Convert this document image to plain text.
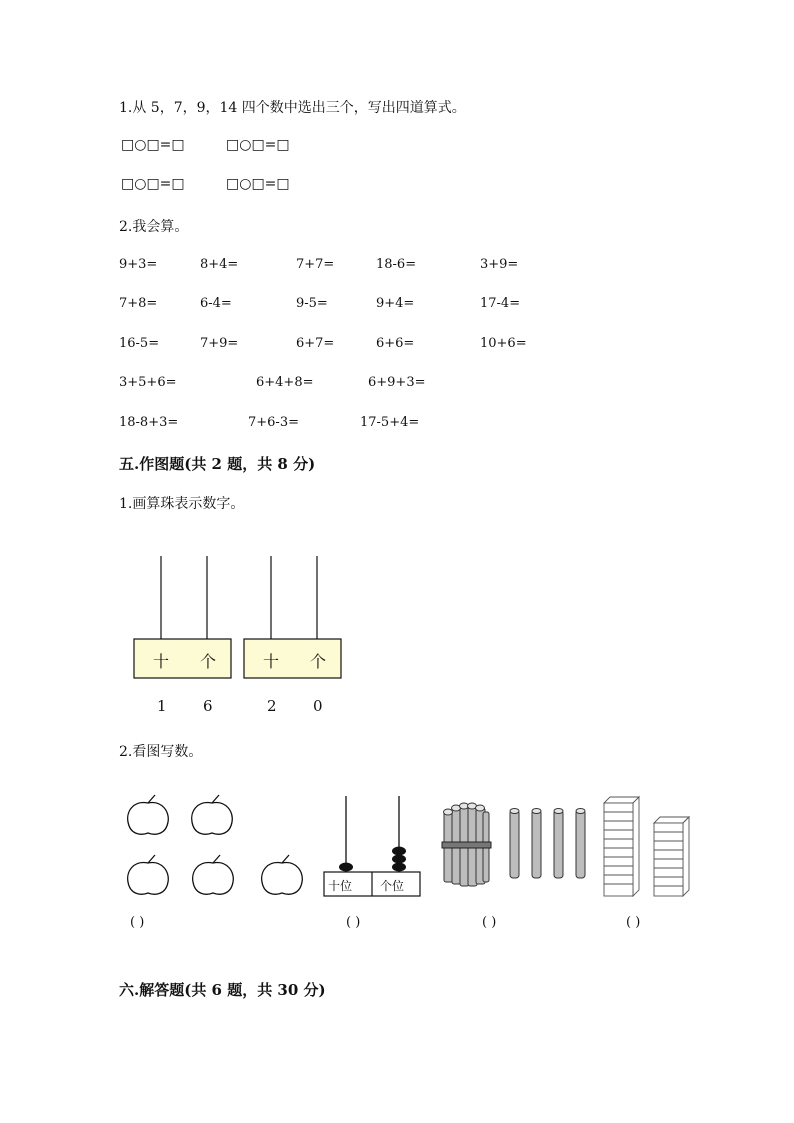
1.从 5，7，9，14 四个数中选出三个，写出四道算式。
□○□=□	□○□=□
□○□=□	□○□=□
2.我会算。
9+3=	8+4=	7+7=	18-6=	3+9=
7+8=	6-4=	9-5=	9+4=	17-4=
16-5=	7+9=	6+7=	6+6=	10+6=
3+5+6=	6+4+8=	6+9+3=
18-8+3=	7+6-3=	17-5+4=
五.作图题(共 2 题，共 8 分)
1.画算珠表示数字。
十 个	十 个
1 6	2 0
2.看图写数。
十位 个位
( )	( )	( )	( )
六.解答题(共 6 题，共 30 分)
